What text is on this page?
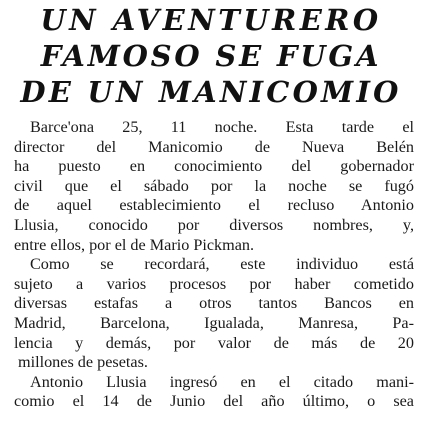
UN AVENTURERO
FAMOSO SE FUGA
DE UN MANICOMIO
Barce'ona 25, 11 noche. Esta tarde el
director del Manicomio de Nueva Belén
ha puesto en conocimiento del gobernador
civil que el sábado por la noche se fugó
de aquel establecimiento el recluso Antonio
Llusia, conocido por diversos nombres, y,
entre ellos, por el de Mario Pickman.
Como se recordará, este individuo está
sujeto a varios procesos por haber cometido
diversas estafas a otros tantos Bancos en
Madrid, Barcelona, Igualada, Manresa, Pa-
lencia y demás, por valor de más de 20
millones de pesetas.
Antonio Llusia ingresó en el citado mani-
comio el 14 de Junio del año último, o sea
